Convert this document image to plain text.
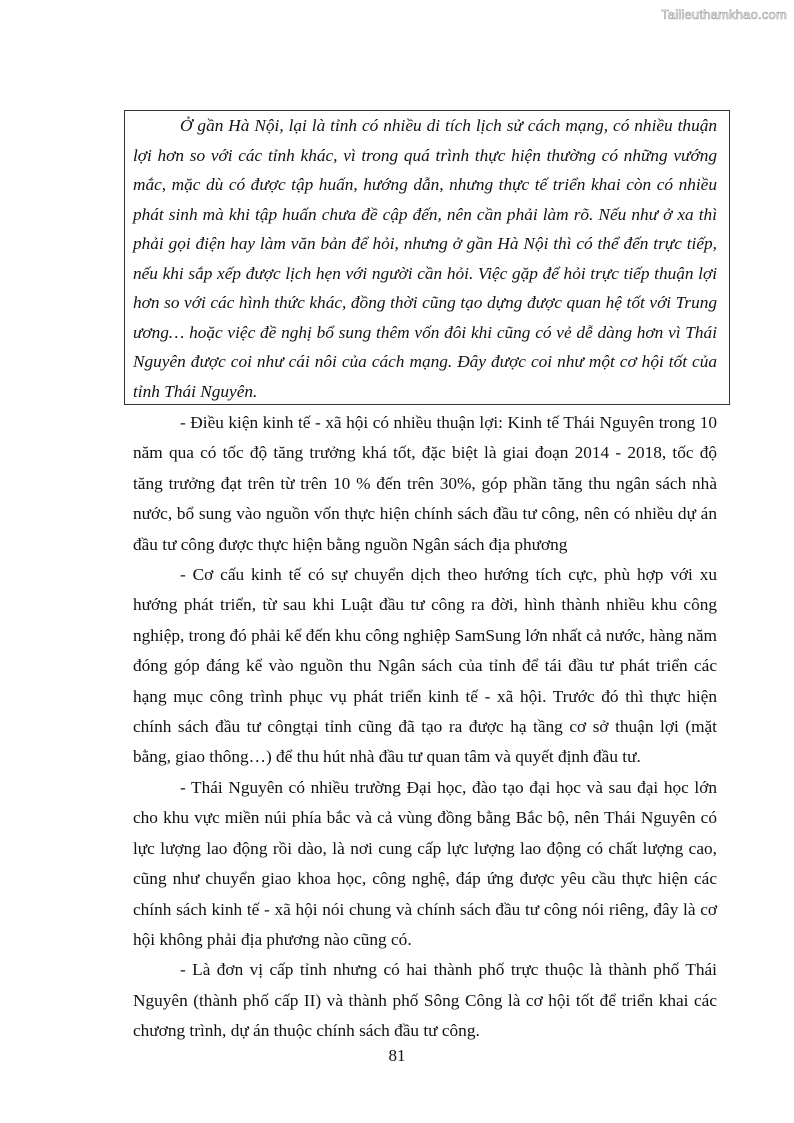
Tailieuthamkhao.com

Ở gần Hà Nội, lại là tỉnh có nhiều di tích lịch sử cách mạng, có nhiều thuận lợi hơn so với các tỉnh khác, vì trong quá trình thực hiện thường có những vướng mắc, mặc dù có được tập huấn, hướng dẫn, nhưng thực tế triển khai còn có nhiều phát sinh mà khi tập huấn chưa đề cập đến, nên cần phải làm rõ. Nếu như ở xa thì phải gọi điện hay làm văn bản để hỏi, nhưng ở gần Hà Nội thì có thể đến trực tiếp, nếu khi sắp xếp được lịch hẹn với người cần hỏi. Việc gặp để hỏi trực tiếp thuận lợi hơn so với các hình thức khác, đồng thời cũng tạo dựng được quan hệ tốt với Trung ương… hoặc việc đề nghị bổ sung thêm vốn đôi khi cũng có vẻ dễ dàng hơn vì Thái Nguyên được coi như cái nôi của cách mạng. Đây được coi như một cơ hội tốt của tỉnh Thái Nguyên.

- Điều kiện kinh tế - xã hội có nhiều thuận lợi: Kinh tế Thái Nguyên trong 10 năm qua có tốc độ tăng trưởng khá tốt, đặc biệt là giai đoạn 2014 - 2018, tốc độ tăng trưởng đạt trên từ trên 10 % đến trên 30%, góp phần tăng thu ngân sách nhà nước, bổ sung vào nguồn vốn thực hiện chính sách đầu tư công, nên có nhiều dự án đầu tư công được thực hiện bằng nguồn Ngân sách địa phương

- Cơ cấu kinh tế có sự chuyển dịch theo hướng tích cực, phù hợp với xu hướng phát triển, từ sau khi Luật đầu tư công ra đời, hình thành nhiều khu công nghiệp, trong đó phải kể đến khu công nghiệp SamSung lớn nhất cả nước, hàng năm đóng góp đáng kể vào nguồn thu Ngân sách của tỉnh để tái đầu tư phát triển các hạng mục công trình phục vụ phát triển kinh tế - xã hội. Trước đó thì thực hiện chính sách đầu tư côngtại tỉnh cũng đã tạo ra được hạ tầng cơ sở thuận lợi (mặt bằng, giao thông…) để thu hút nhà đầu tư quan tâm và quyết định đầu tư.

- Thái Nguyên có nhiều trường Đại học, đào tạo đại học và sau đại học lớn cho khu vực miền núi phía bắc và cả vùng đồng bằng Bắc bộ, nên Thái Nguyên có lực lượng lao động rồi dào, là nơi cung cấp lực lượng lao động có chất lượng cao, cũng như chuyển giao khoa học, công nghệ, đáp ứng được yêu cầu thực hiện các chính sách kinh tế - xã hội nói chung và chính sách đầu tư công nói riêng, đây là cơ hội không phải địa phương nào cũng có.

- Là đơn vị cấp tỉnh nhưng có hai thành phố trực thuộc là thành phố Thái Nguyên (thành phố cấp II) và thành phố Sông Công là cơ hội tốt để triển khai các chương trình, dự án thuộc chính sách đầu tư công.

81
